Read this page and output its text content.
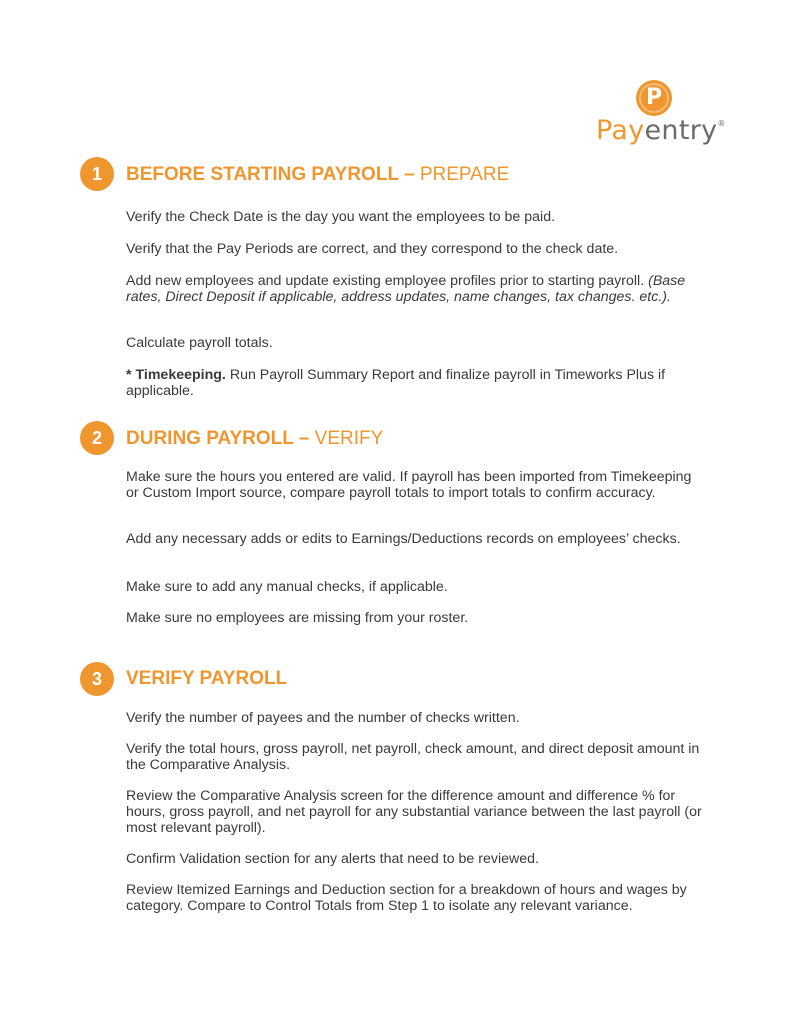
P
Payentry®
1	BEFORE STARTING PAYROLL – PREPARE
Verify the Check Date is the day you want the employees to be paid.
Verify that the Pay Periods are correct, and they correspond to the check date.
Add new employees and update existing employee profiles prior to starting payroll. (Base rates, Direct Deposit if applicable, address updates, name changes, tax changes. etc.).
Calculate payroll totals.
* Timekeeping. Run Payroll Summary Report and finalize payroll in Timeworks Plus if applicable.
2	DURING PAYROLL – VERIFY
Make sure the hours you entered are valid. If payroll has been imported from Timekeeping or Custom Import source, compare payroll totals to import totals to confirm accuracy.
Add any necessary adds or edits to Earnings/Deductions records on employees’ checks.
Make sure to add any manual checks, if applicable.
Make sure no employees are missing from your roster.
3	VERIFY PAYROLL
Verify the number of payees and the number of checks written.
Verify the total hours, gross payroll, net payroll, check amount, and direct deposit amount in the Comparative Analysis.
Review the Comparative Analysis screen for the difference amount and difference % for hours, gross payroll, and net payroll for any substantial variance between the last payroll (or most relevant payroll).
Confirm Validation section for any alerts that need to be reviewed.
Review Itemized Earnings and Deduction section for a breakdown of hours and wages by category. Compare to Control Totals from Step 1 to isolate any relevant variance.
